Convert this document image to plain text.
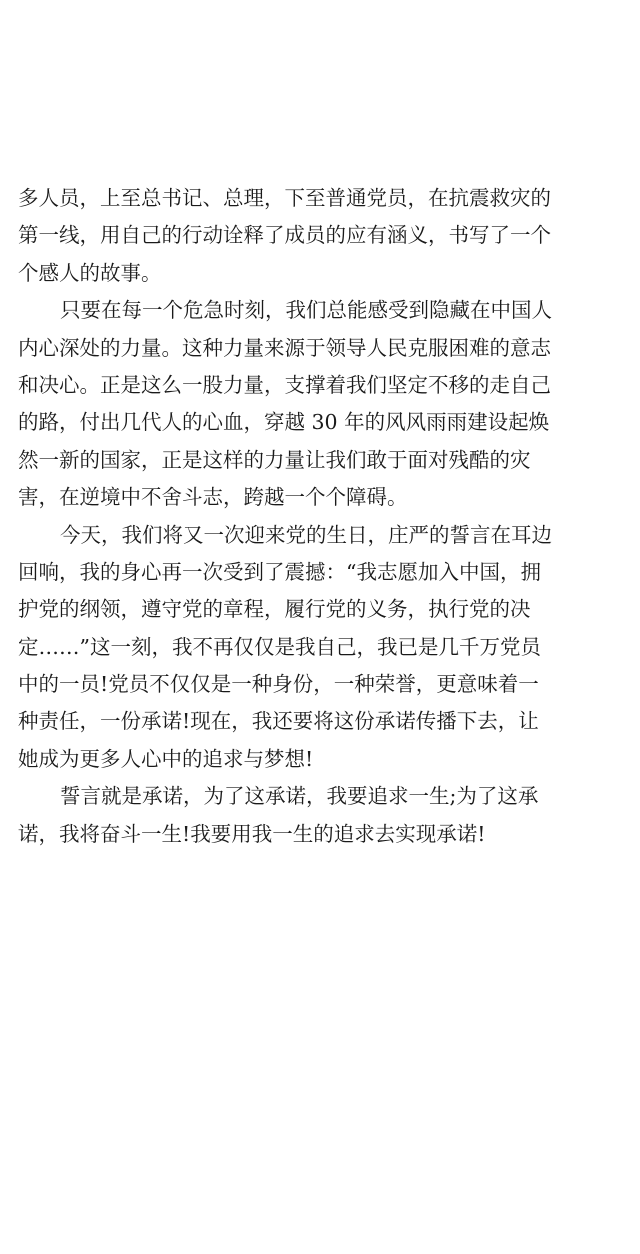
多人员，上至总书记、总理，下至普通党员，在抗震救灾的
第一线，用自己的行动诠释了成员的应有涵义，书写了一个
个感人的故事。
只要在每一个危急时刻，我们总能感受到隐藏在中国人
内心深处的力量。这种力量来源于领导人民克服困难的意志
和决心。正是这么一股力量，支撑着我们坚定不移的走自己
的路，付出几代人的心血，穿越 30 年的风风雨雨建设起焕
然一新的国家，正是这样的力量让我们敢于面对残酷的灾
害，在逆境中不舍斗志，跨越一个个障碍。
今天，我们将又一次迎来党的生日，庄严的誓言在耳边
回响，我的身心再一次受到了震撼：“我志愿加入中国，拥
护党的纲领，遵守党的章程，履行党的义务，执行党的决
定……”这一刻，我不再仅仅是我自己，我已是几千万党员
中的一员!党员不仅仅是一种身份，一种荣誉，更意味着一
种责任，一份承诺!现在，我还要将这份承诺传播下去，让
她成为更多人心中的追求与梦想!
誓言就是承诺，为了这承诺，我要追求一生;为了这承
诺，我将奋斗一生!我要用我一生的追求去实现承诺!
